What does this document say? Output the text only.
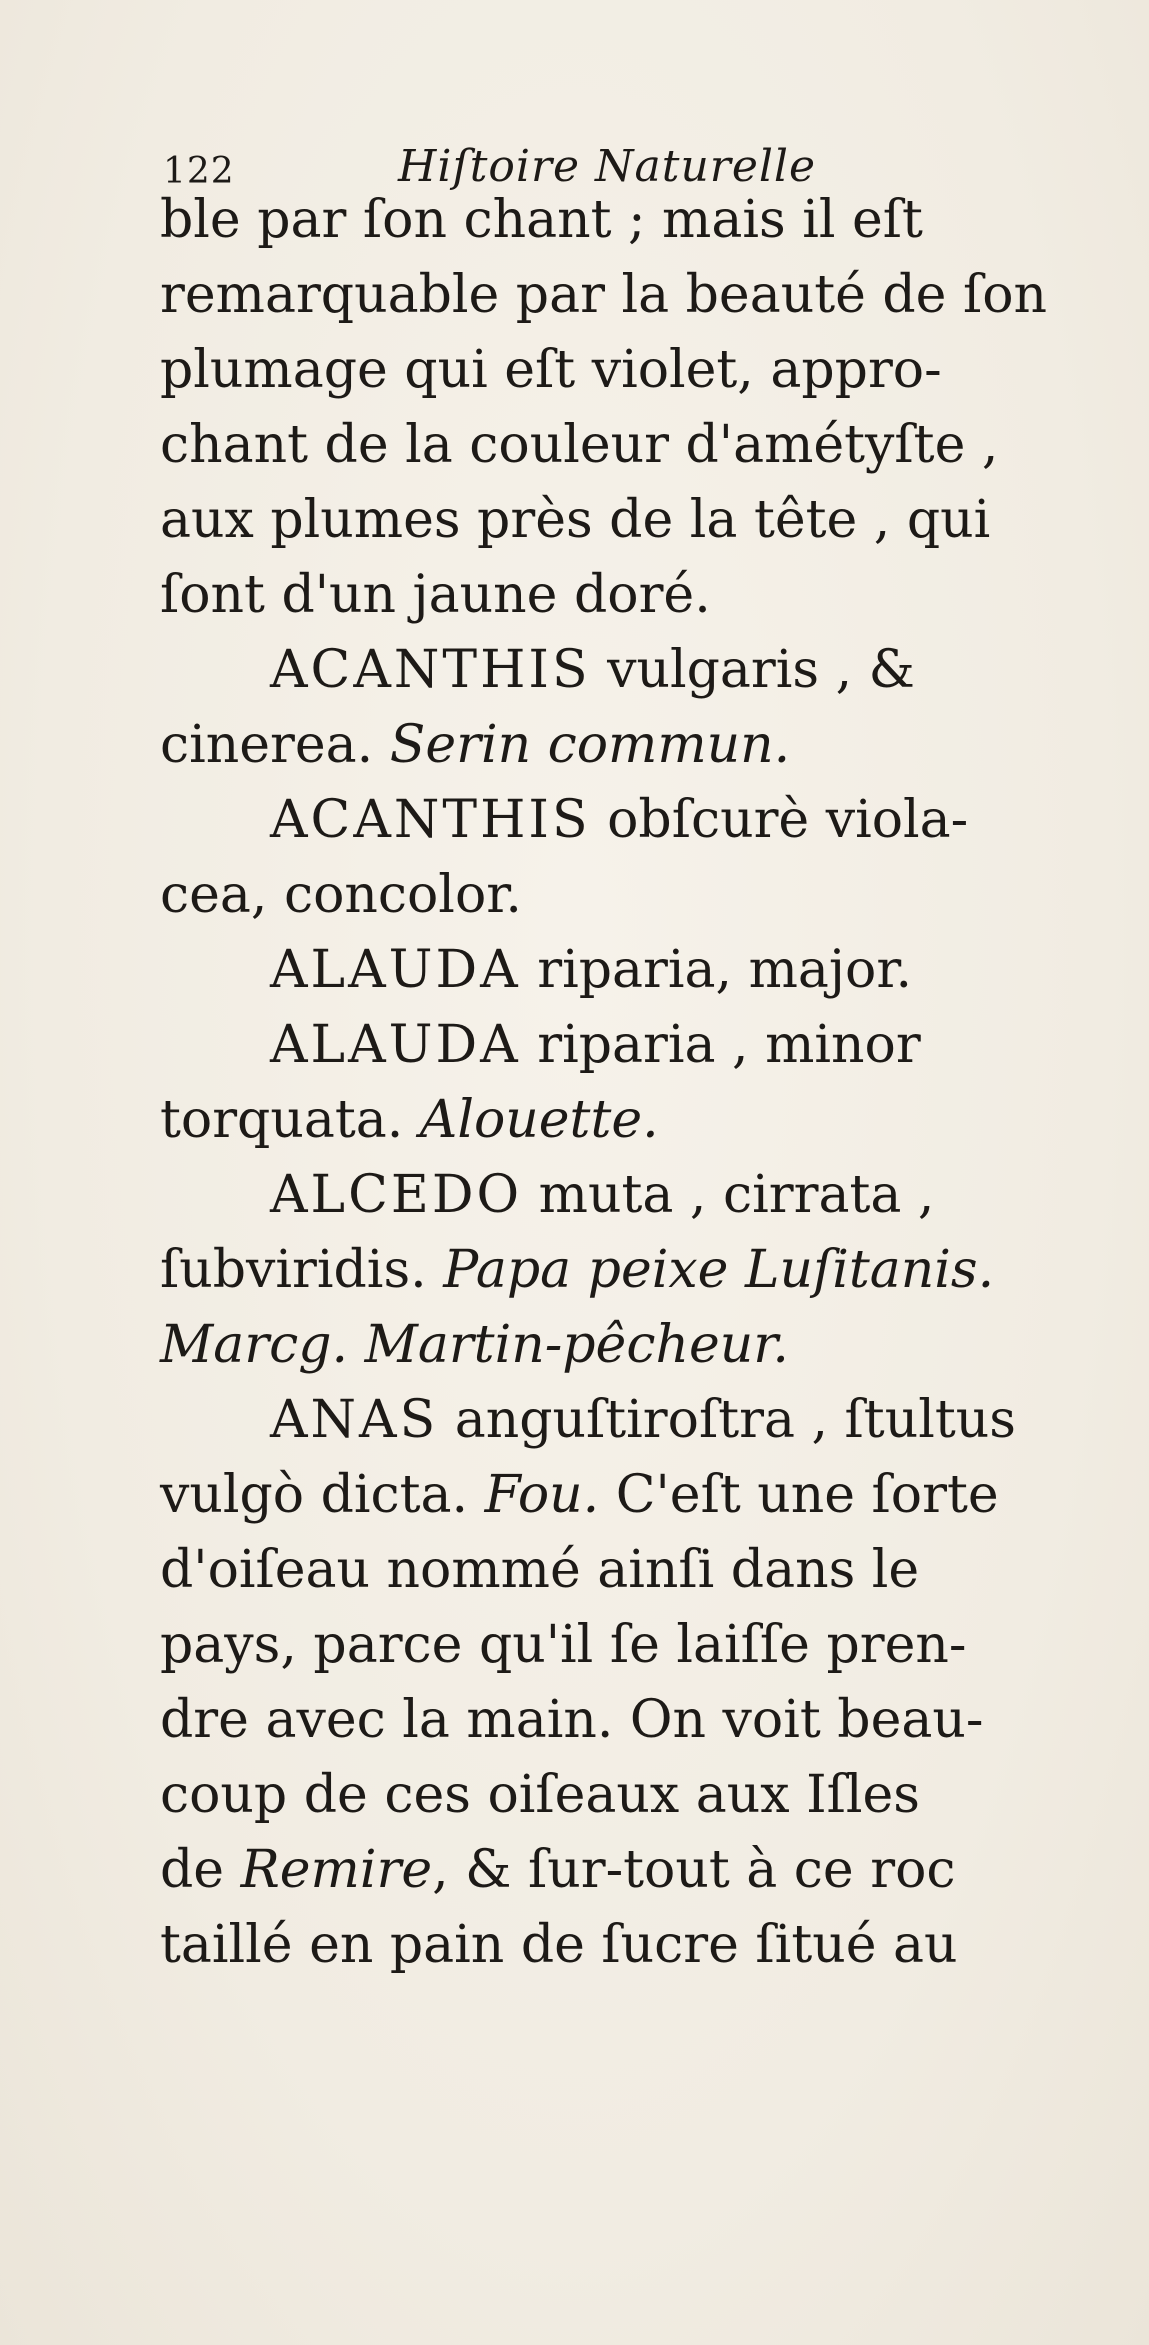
122	Hiſtoire Naturelle
ble par ſon chant ; mais il eſt
remarquable par la beauté de ſon
plumage qui eſt violet, appro-
chant de la couleur d'amétyſte ,
aux plumes près de la tête , qui
ſont d'un jaune doré.
ACANTHIS vulgaris , &
cinerea. Serin commun.
ACANTHIS obſcurè viola-
cea, concolor.
ALAUDA riparia, major.
ALAUDA riparia , minor
torquata. Alouette.
ALCEDO muta , cirrata ,
ſubviridis. Papa peixe Luſitanis.
Marcg. Martin-pêcheur.
ANAS anguſtiroſtra , ſtultus
vulgò dicta. Fou. C'eſt une ſorte
d'oiſeau nommé ainſi dans le
pays, parce qu'il ſe laiſſe pren-
dre avec la main. On voit beau-
coup de ces oiſeaux aux Iſles
de Remire, & ſur-tout à ce roc
taillé en pain de ſucre ſitué au
